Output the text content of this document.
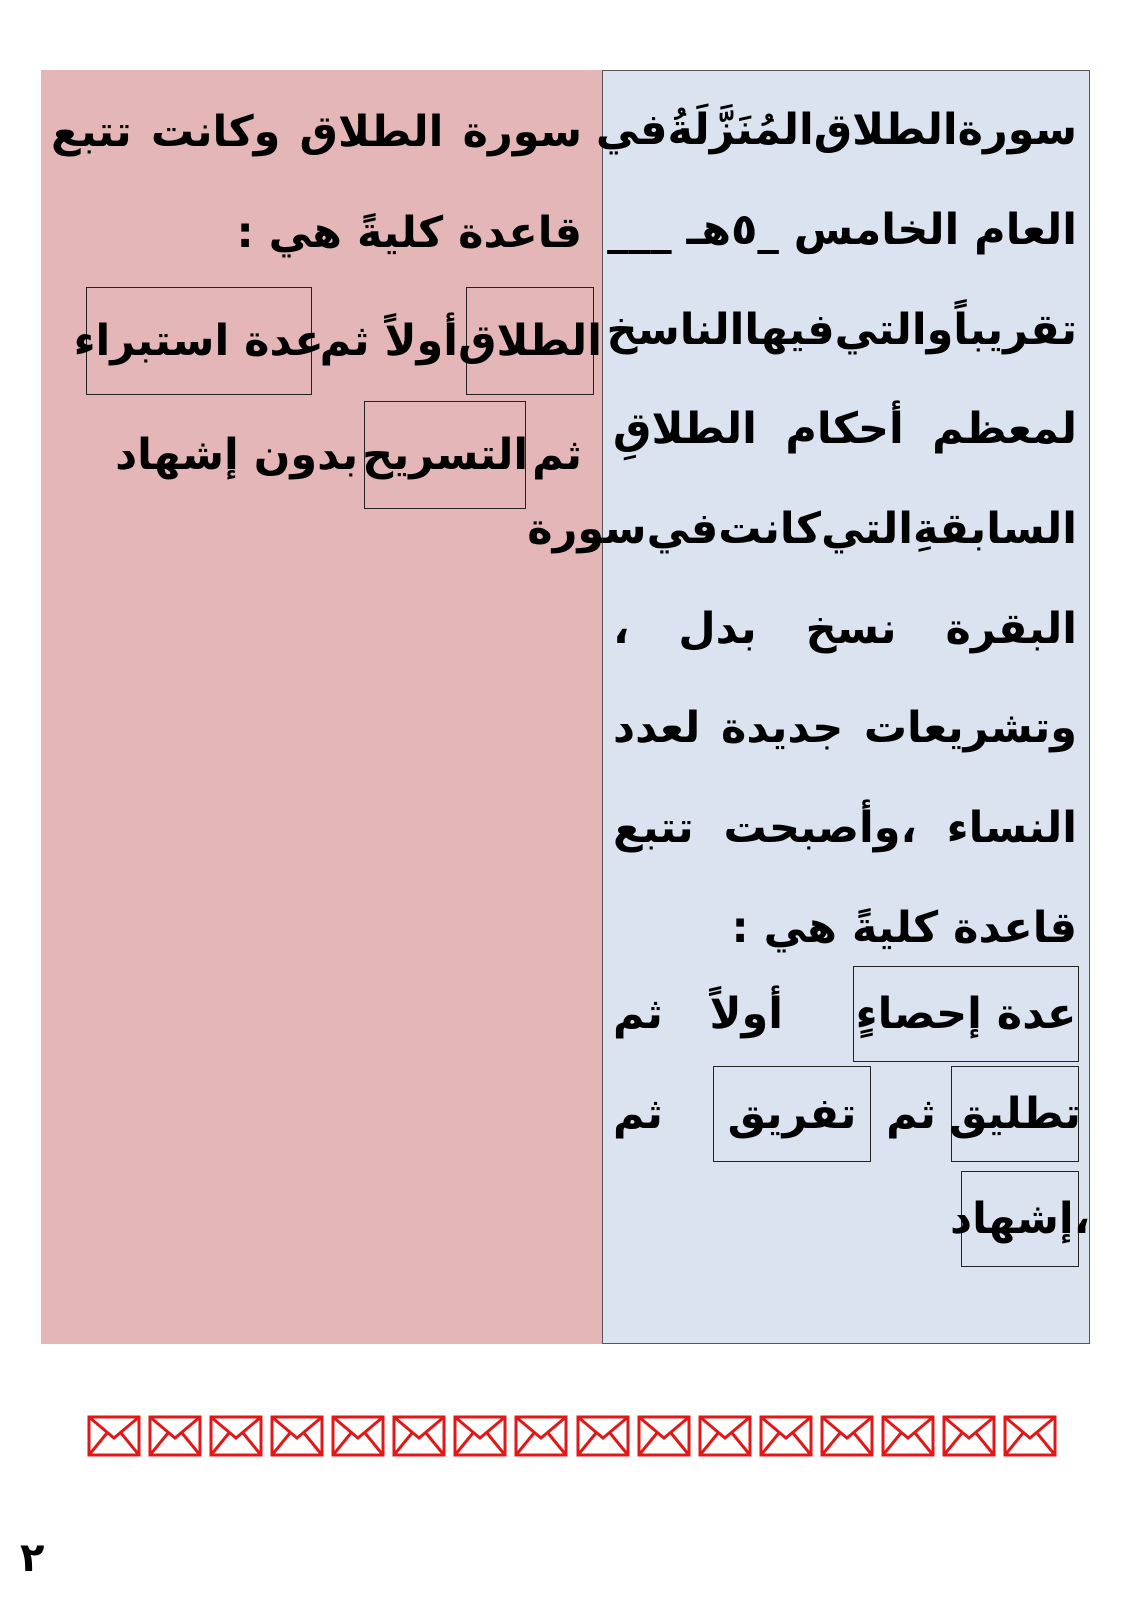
سورة
الطلاق
وكانت
تتبع
قاعدة كليةً هي :
الطلاق
أولاً ثم
عدة استبراء
ثم
التسريح
بدون إشهاد
سورة
الطلاق
المُنَزَّلَةُ
في
العام الخامس _٥هـ ___
تقريباً
والتي
فيها
الناسخ
لمعظم
أحكام
الطلاقِ
السابقةِ
التي
كانت
في
سورة
البقرة
نسخ
بدل
،
وتشريعات
جديدة
لعدد
النساء
،وأصبحت
تتبع
قاعدة كليةً هي :
عدة إحصاءٍ
أولاً
ثم
تطليق
ثم
تفريق
ثم
،إشهاد
٢
